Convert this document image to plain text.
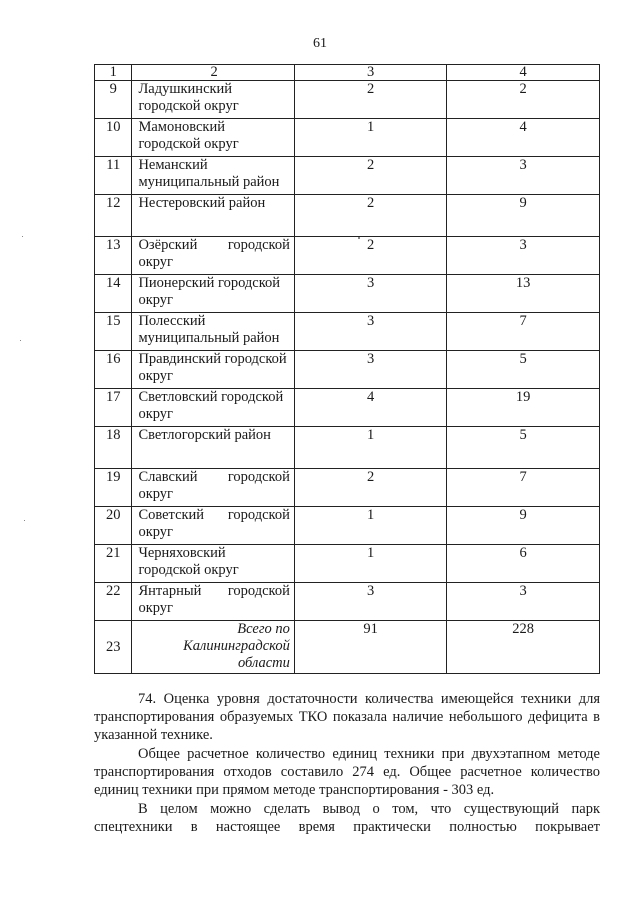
61
1	2	3	4
9	Ладушкинский городской округ	2	2
10	Мамоновский городской округ	1	4
11	Неманский муниципальный район	2	3
12	Нестеровский район	2	9
13	Озёрский городской округ	2	3
14	Пионерский городской округ	3	13
15	Полесский муниципальный район	3	7
16	Правдинский городской округ	3	5
17	Светловский городской округ	4	19
18	Светлогорский район	1	5
19	Славский городской округ	2	7
20	Советский городской округ	1	9
21	Черняховский городской округ	1	6
22	Янтарный городской округ	3	3
23	Всего по Калининградской области	91	228

74. Оценка уровня достаточности количества имеющейся техники для транспортирования образуемых ТКО показала наличие небольшого дефицита в указанной технике.

Общее расчетное количество единиц техники при двухэтапном методе транспортирования отходов составило 274 ед. Общее расчетное количество единиц техники при прямом методе транспортирования - 303 ед.

В целом можно сделать вывод о том, что существующий парк спецтехники в настоящее время практически полностью покрывает
